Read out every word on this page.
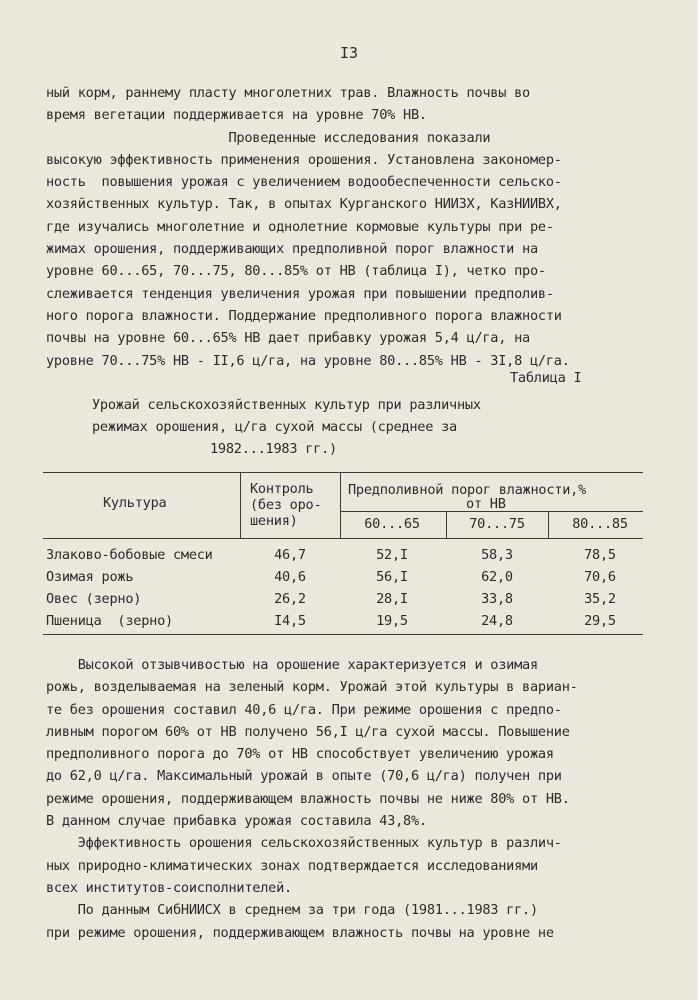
I3
ный корм, раннему пласту многолетних трав. Влажность почвы во
время вегетации поддерживается на уровне 70% НВ.
Проведенные исследования показали
высокую эффективность применения орошения. Установлена закономер-
ность  повышения урожая с увеличением водообеспеченности сельско-
хозяйственных культур. Так, в опытах Курганского НИИЗХ, КазНИИВХ,
где изучались многолетние и однолетние кормовые культуры при ре-
жимах орошения, поддерживающих предполивной порог влажности на
уровне 60...65, 70...75, 80...85% от НВ (таблица I), четко про-
слеживается тенденция увеличения урожая при повышении предполив-
ного порога влажности. Поддержание предполивного порога влажности
почвы на уровне 60...65% НВ дает прибавку урожая 5,4 ц/га, на
уровне 70...75% НВ - II,6 ц/га, на уровне 80...85% НВ - 3I,8 ц/га.
Таблица I
Урожай сельскохозяйственных культур при различных
режимах орошения, ц/га сухой массы (среднее за
1982...1983 гг.)
Культура
Контроль
(без оро-
шения)
Предполивной порог влажности,%
от НВ
60...65	70...75	80...85
Злаково-бобовые смеси	46,7	52,I	58,3	78,5
Озимая рожь	40,6	56,I	62,0	70,6
Овес (зерно)	26,2	28,I	33,8	35,2
Пшеница  (зерно)	I4,5	19,5	24,8	29,5
Высокой отзывчивостью на орошение характеризуется и озимая
рожь, возделываемая на зеленый корм. Урожай этой культуры в вариан-
те без орошения составил 40,6 ц/га. При режиме орошения с предпо-
ливным порогом 60% от НВ получено 56,I ц/га сухой массы. Повышение
предполивного порога до 70% от НВ способствует увеличению урожая
до 62,0 ц/га. Максимальный урожай в опыте (70,6 ц/га) получен при
режиме орошения, поддерживающем влажность почвы не ниже 80% от НВ.
В данном случае прибавка урожая составила 43,8%.
Эффективность орошения сельскохозяйственных культур в различ-
ных природно-климатических зонах подтверждается исследованиями
всех институтов-соисполнителей.
По данным СибНИИСХ в среднем за три года (1981...1983 гг.)
при режиме орошения, поддерживающем влажность почвы на уровне не
